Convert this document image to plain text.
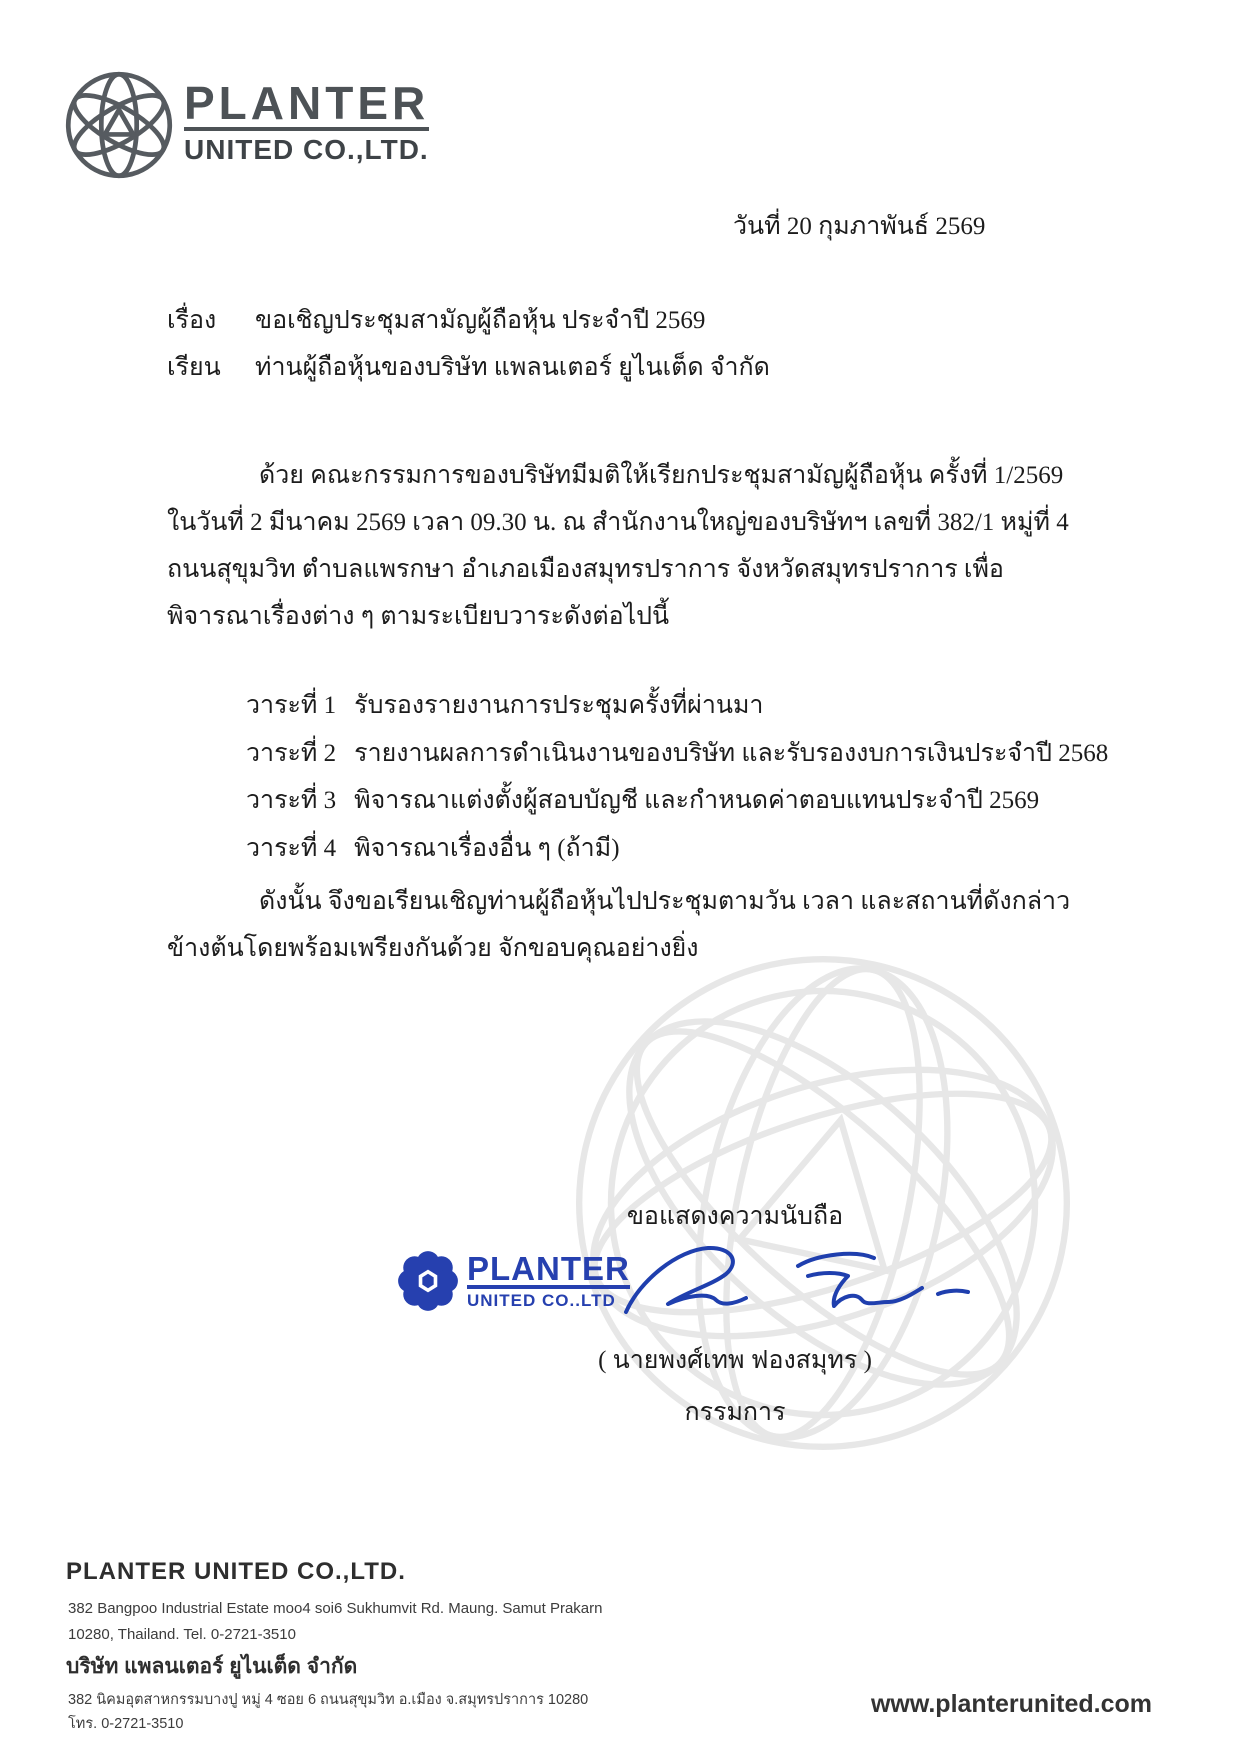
PLANTER
UNITED CO.,LTD.
วันที่ 20 กุมภาพันธ์ 2569
เรื่อง	ขอเชิญประชุมสามัญผู้ถือหุ้น ประจำปี 2569
เรียน	ท่านผู้ถือหุ้นของบริษัท แพลนเตอร์ ยูไนเต็ด จำกัด
ด้วย คณะกรรมการของบริษัทมีมติให้เรียกประชุมสามัญผู้ถือหุ้น ครั้งที่ 1/2569 ในวันที่ 2 มีนาคม 2569 เวลา 09.30 น. ณ สำนักงานใหญ่ของบริษัทฯ เลขที่ 382/1 หมู่ที่ 4 ถนนสุขุมวิท ตำบลแพรกษา อำเภอเมืองสมุทรปราการ จังหวัดสมุทรปราการ เพื่อพิจารณาเรื่องต่าง ๆ ตามระเบียบวาระดังต่อไปนี้
วาระที่ 1 รับรองรายงานการประชุมครั้งที่ผ่านมา
วาระที่ 2 รายงานผลการดำเนินงานของบริษัท และรับรองงบการเงินประจำปี 2568
วาระที่ 3 พิจารณาแต่งตั้งผู้สอบบัญชี และกำหนดค่าตอบแทนประจำปี 2569
วาระที่ 4 พิจารณาเรื่องอื่น ๆ (ถ้ามี)
ดังนั้น จึงขอเรียนเชิญท่านผู้ถือหุ้นไปประชุมตามวัน เวลา และสถานที่ดังกล่าวข้างต้นโดยพร้อมเพรียงกันด้วย จักขอบคุณอย่างยิ่ง
ขอแสดงความนับถือ
PLANTER
UNITED CO..LTD
( นายพงศ์เทพ ฟองสมุทร )
กรรมการ
PLANTER UNITED CO.,LTD.
382 Bangpoo Industrial Estate moo4 soi6 Sukhumvit Rd. Maung. Samut Prakarn
10280, Thailand. Tel. 0-2721-3510
บริษัท แพลนเตอร์ ยูไนเต็ด จำกัด
382 นิคมอุตสาหกรรมบางปู หมู่ 4 ซอย 6 ถนนสุขุมวิท อ.เมือง จ.สมุทรปราการ 10280
โทร. 0-2721-3510
www.planterunited.com
